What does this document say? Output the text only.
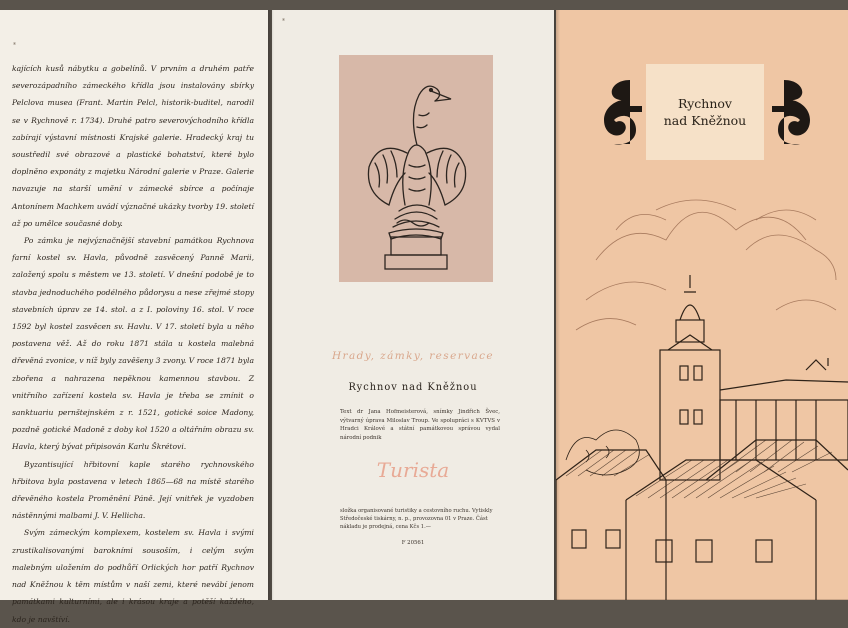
*

kajících kusů nábytku a gobelínů. V prvním a druhém patře severozápadního zámeckého křídla jsou instalovány sbírky Pelclova musea (Frant. Martin Pelcl, historik-buditel, narodil se v Rychnově r. 1734). Druhé patro severovýchodního křídla zabírají výstavní místnosti Krajské galerie. Hradecký kraj tu soustředil své obrazové a plastické bohatství, které bylo doplněno exponáty z majetku Národní galerie v Praze. Galerie navazuje na starší umění v zámecké sbírce a počínaje Antonínem Machkem uvádí význačné ukázky tvorby 19. století až po umělce současné doby.

Po zámku je nejvýznačnější stavební památkou Rychnova farní kostel sv. Havla, původně zasvěcený Panně Marii, založený spolu s městem ve 13. století. V dnešní podobě je to stavba jednoduchého podélného půdorysu a nese zřejmé stopy stavebních úprav ze 14. stol. a z I. poloviny 16. stol. V roce 1592 byl kostel zasvěcen sv. Havlu. V 17. století byla u něho postavena věž. Až do roku 1871 stála u kostela malebná dřevěná zvonice, v níž byly zavěšeny 3 zvony. V roce 1871 byla zbořena a nahrazena nepěknou kamennou stavbou. Z vnitřního zařízení kostela sv. Havla je třeba se zmínit o sanktuariu pernštejnském z r. 1521, gotické soice Madony, pozdně gotické Madoně z doby kol 1520 a oltářním obrazu sv. Havla, který bývat připisován Karlu Škrétovi.

Byzantisující hřbitovní kaple starého rychnovského hřbitova byla postavena v letech 1865—68 na místě starého dřevěného kostela Proměnění Páně. Její vnitřek je vyzdoben nástěnnými malbami J. V. Hellicha.

Svým zámeckým komplexem, kostelem sv. Havla i svými zrustikalisovanými barokními sousoším, i celým svým malebným uložením do podhůří Orlických hor patří Rychnov nad Kněžnou k těm místům v naší zemi, které nevábí jenom památkami kulturními, ale i krásou kraje a potěší každého, kdo je navštíví.

*
Hrady, zámky, reservace
Rychnov nad Kněžnou
Text dr Jana Hofmeisterová, snímky Jindřich Švec, výtvarný úprava Miloslav Troup. Ve spolupráci s KVTVS v Hradci Králové a státní památkovou správou vydal národní podnik
Turista
složka organisované turistiky a cestovního ruchu. Vytiskly Středočeské tiskárny, n. p., provozovna 01 v Praze. Část nákladu je prodejná, cena Kčs 1.—
F 20561
Rychnov
nad Kněžnou
